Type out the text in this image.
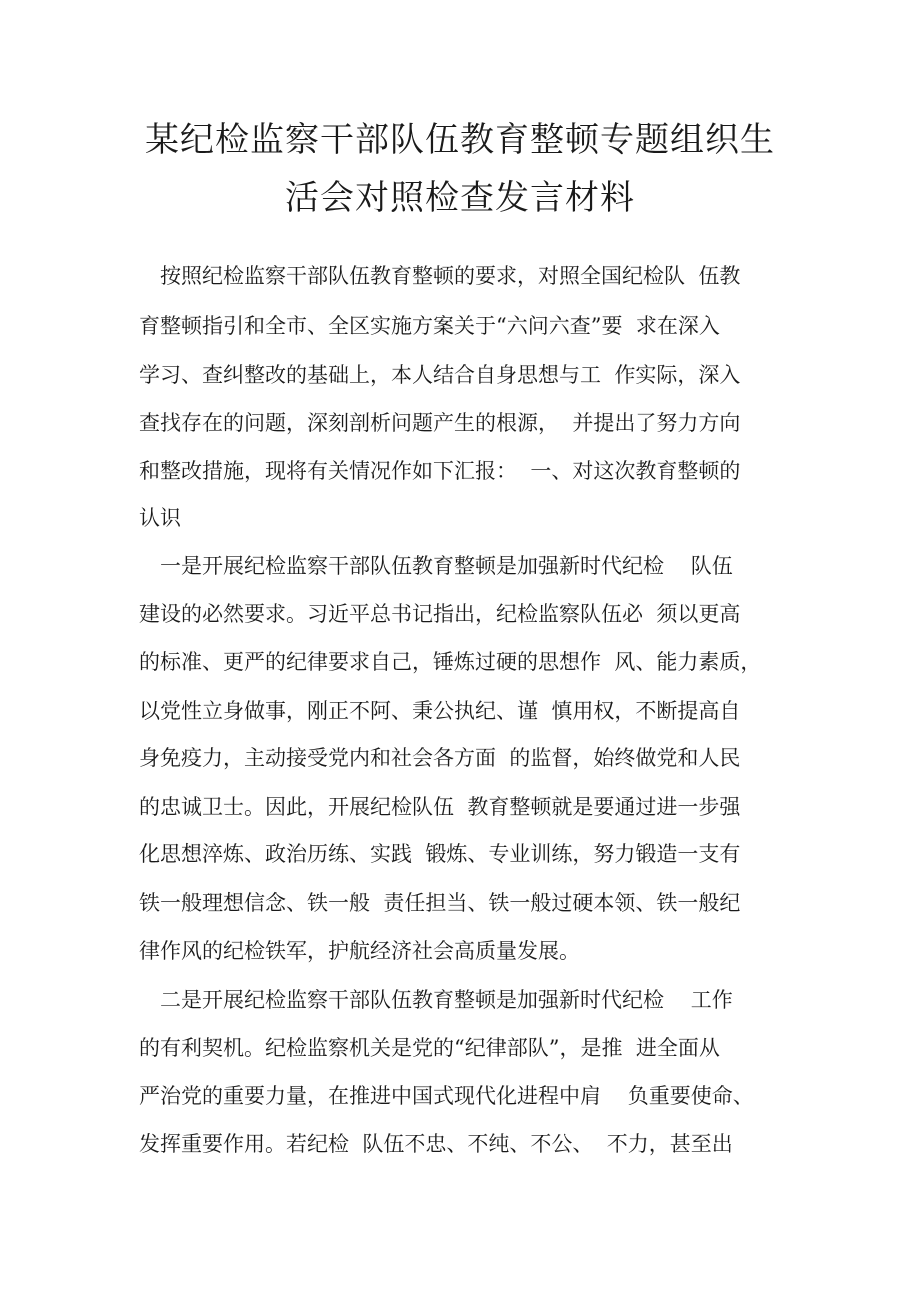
某纪检监察干部队伍教育整顿专题组织生
活会对照检查发言材料
按照纪检监察干部队伍教育整顿的要求，对照全国纪检队  伍教
育整顿指引和全市、全区实施方案关于“六问六查”要  求在深入
学习、查纠整改的基础上，本人结合自身思想与工  作实际，深入
查找存在的问题，深刻剖析问题产生的根源，  并提出了努力方向
和整改措施，现将有关情况作如下汇报：  一、对这次教育整顿的
认识
一是开展纪检监察干部队伍教育整顿是加强新时代纪检    队伍
建设的必然要求。习近平总书记指出，纪检监察队伍必  须以更高
的标准、更严的纪律要求自己，锤炼过硬的思想作  风、能力素质，
以党性立身做事，刚正不阿、秉公执纪、谨  慎用权，不断提高自
身免疫力，主动接受党内和社会各方面  的监督，始终做党和人民
的忠诚卫士。因此，开展纪检队伍  教育整顿就是要通过进一步强
化思想淬炼、政治历练、实践  锻炼、专业训练，努力锻造一支有
铁一般理想信念、铁一般  责任担当、铁一般过硬本领、铁一般纪
律作风的纪检铁军，护航经济社会高质量发展。
二是开展纪检监察干部队伍教育整顿是加强新时代纪检    工作
的有利契机。纪检监察机关是党的“纪律部队”，是推  进全面从
严治党的重要力量，在推进中国式现代化进程中肩    负重要使命、
发挥重要作用。若纪检  队伍不忠、不纯、不公、  不力，甚至出
